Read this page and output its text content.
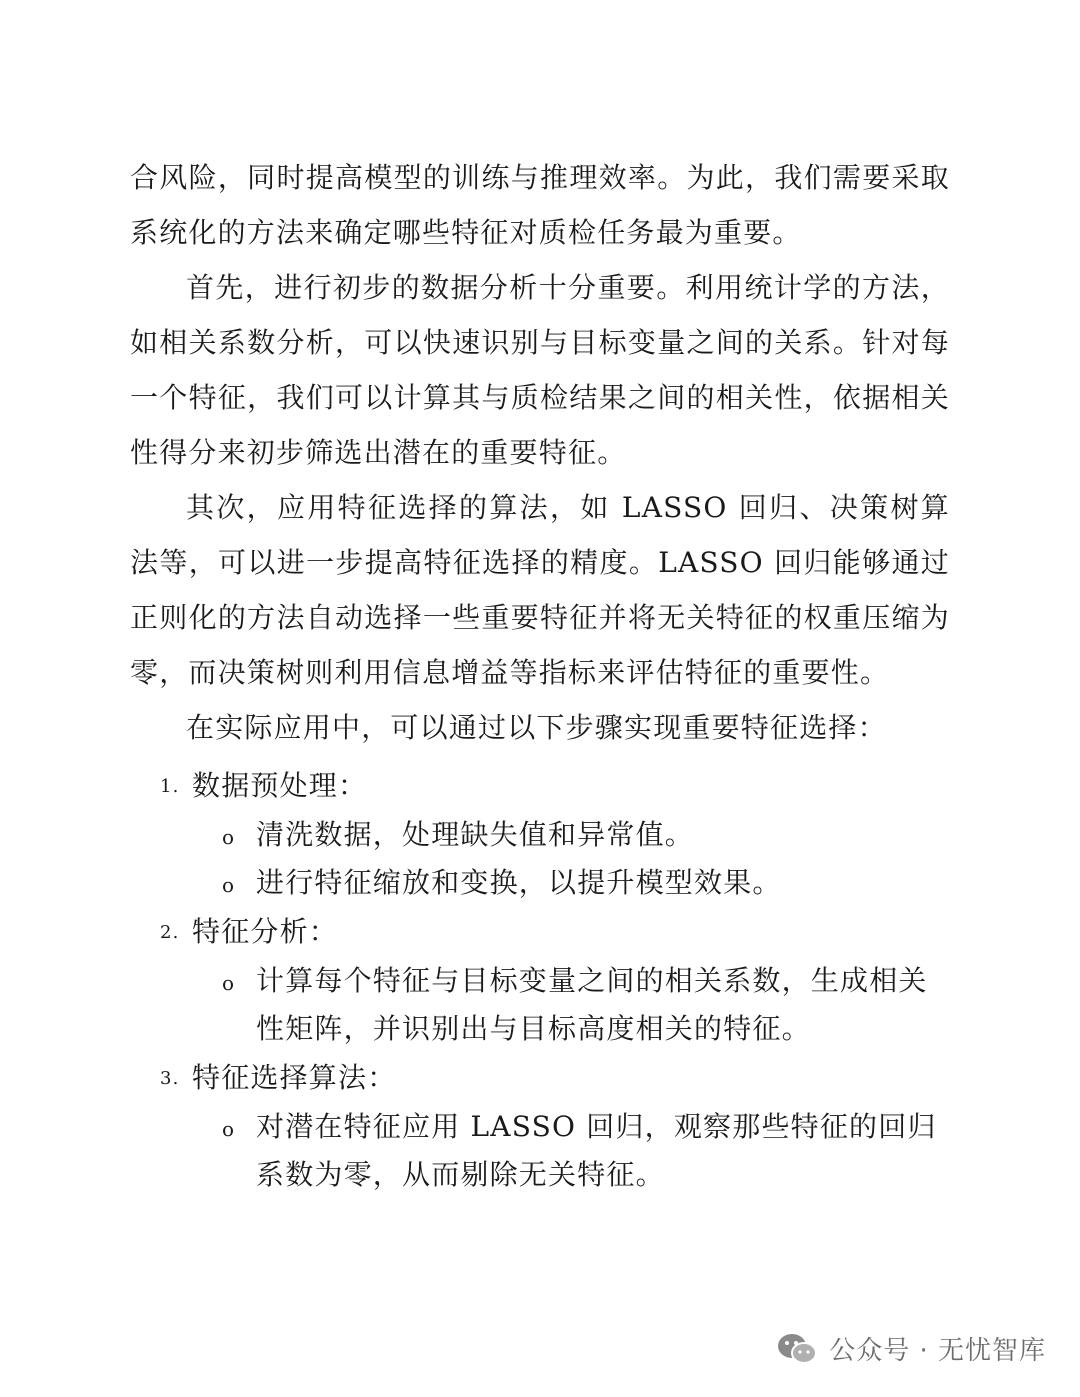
合风险，同时提高模型的训练与推理效率。为此，我们需要采取系统化的方法来确定哪些特征对质检任务最为重要。

首先，进行初步的数据分析十分重要。利用统计学的方法，如相关系数分析，可以快速识别与目标变量之间的关系。针对每一个特征，我们可以计算其与质检结果之间的相关性，依据相关性得分来初步筛选出潜在的重要特征。

其次，应用特征选择的算法，如 LASSO 回归、决策树算法等，可以进一步提高特征选择的精度。LASSO 回归能够通过正则化的方法自动选择一些重要特征并将无关特征的权重压缩为零，而决策树则利用信息增益等指标来评估特征的重要性。

在实际应用中，可以通过以下步骤实现重要特征选择：

1. 数据预处理：
o 清洗数据，处理缺失值和异常值。
o 进行特征缩放和变换，以提升模型效果。
2. 特征分析：
o 计算每个特征与目标变量之间的相关系数，生成相关性矩阵，并识别出与目标高度相关的特征。
3. 特征选择算法：
o 对潜在特征应用 LASSO 回归，观察那些特征的回归系数为零，从而剔除无关特征。
公众号 · 无忧智库
